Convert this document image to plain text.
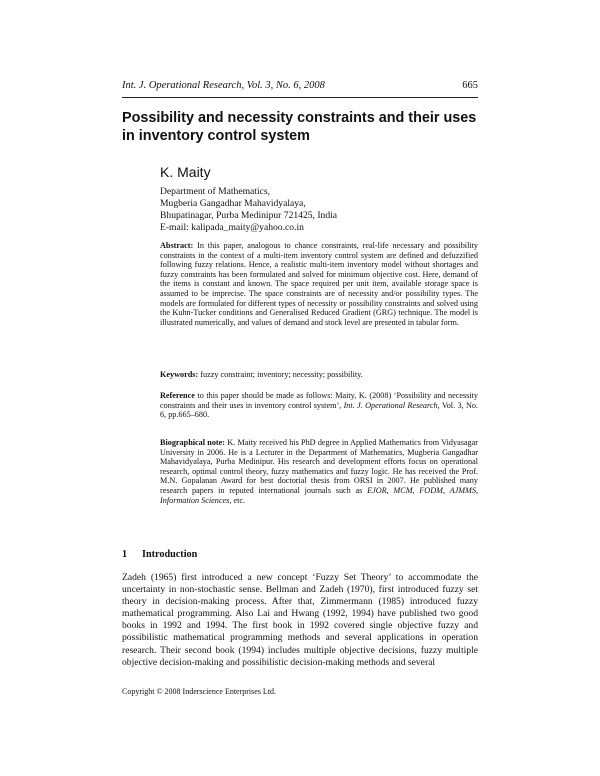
Int. J. Operational Research, Vol. 3, No. 6, 2008	665
Possibility and necessity constraints and their uses in inventory control system
K. Maity
Department of Mathematics,
Mugberia Gangadhar Mahavidyalaya,
Bhupatinagar, Purba Medinipur 721425, India
E-mail: kalipada_maity@yahoo.co.in
Abstract: In this paper, analogous to chance constraints, real-life necessary and possibility constraints in the context of a multi-item inventory control system are defined and defuzzified following fuzzy relations. Hence, a realistic multi-item inventory model without shortages and fuzzy constraints has been formulated and solved for minimum objective cost. Here, demand of the items is constant and known. The space required per unit item, available storage space is assumed to be imprecise. The space constraints are of necessity and/or possibility types. The models are formulated for different types of necessity or possibility constraints and solved using the Kuhn-Tucker conditions and Generalised Reduced Gradient (GRG) technique. The model is illustrated numerically, and values of demand and stock level are presented in tabular form.
Keywords: fuzzy constraint; inventory; necessity; possibility.
Reference to this paper should be made as follows: Maity, K. (2008) ‘Possibility and necessity constraints and their uses in inventory control system’, Int. J. Operational Research, Vol. 3, No. 6, pp.665–680.
Biographical note: K. Maity received his PhD degree in Applied Mathematics from Vidyasagar University in 2006. He is a Lecturer in the Department of Mathematics, Mugberia Gangadhar Mahavidyalaya, Purba Medinipur. His research and development efforts focus on operational research, optimal control theory, fuzzy mathematics and fuzzy logic. He has received the Prof. M.N. Gopalanan Award for best doctorial thesis from ORSI in 2007. He published many research papers in reputed international journals such as EJOR, MCM, FODM, AJMMS, Information Sciences, etc.
1 Introduction
Zadeh (1965) first introduced a new concept ‘Fuzzy Set Theory’ to accommodate the uncertainty in non-stochastic sense. Bellman and Zadeh (1970), first introduced fuzzy set theory in decision-making process. After that, Zimmermann (1985) introduced fuzzy mathematical programming. Also Lai and Hwang (1992, 1994) have published two good books in 1992 and 1994. The first book in 1992 covered single objective fuzzy and possibilistic mathematical programming methods and several applications in operation research. Their second book (1994) includes multiple objective decisions, fuzzy multiple objective decision-making and possibilistic decision-making methods and several
Copyright © 2008 Inderscience Enterprises Ltd.
